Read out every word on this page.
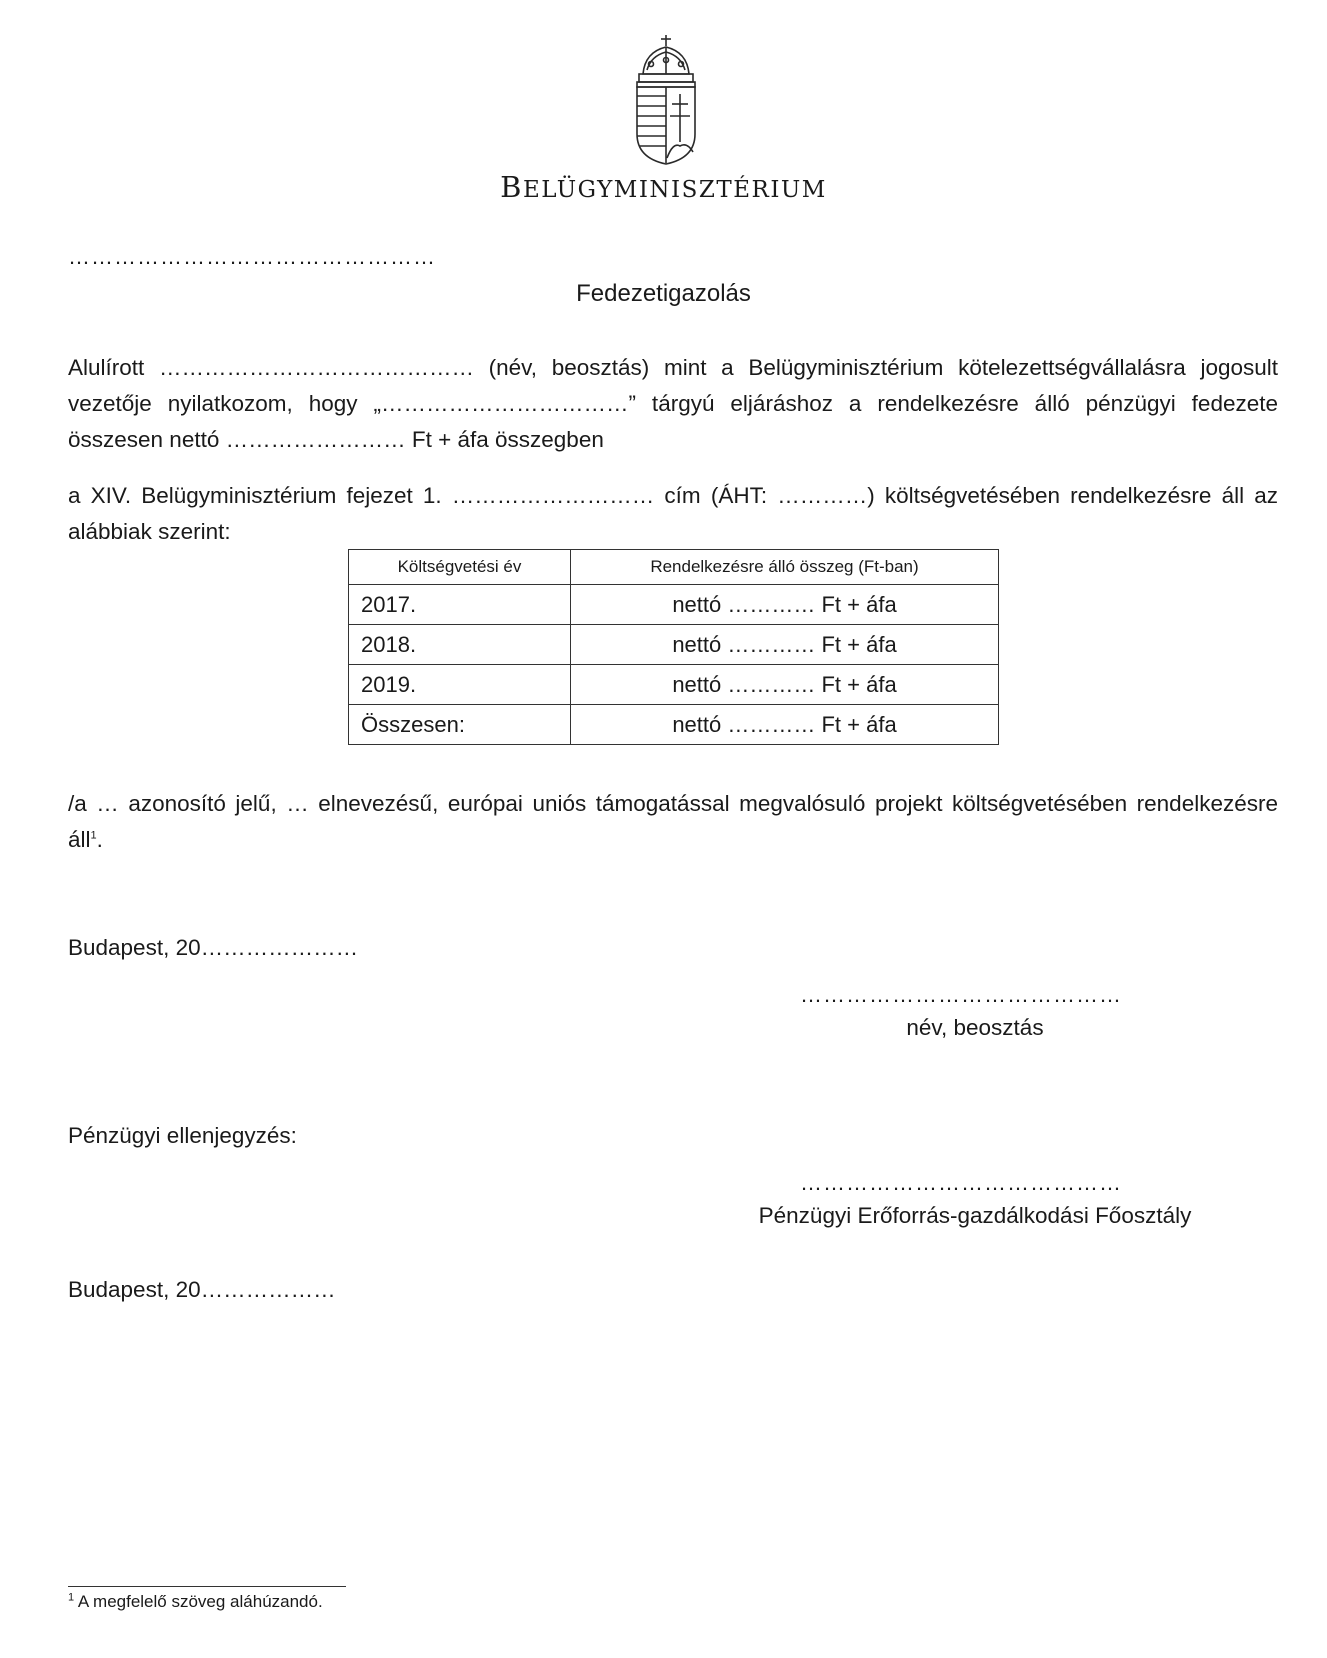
BELÜGYMINISZTÉRIUM
…………………………………………
Fedezetigazolás
Alulírott …………………………………… (név, beosztás) mint a Belügyminisztérium kötelezettségvállalásra jogosult vezetője nyilatkozom, hogy „……………………………” tárgyú eljáráshoz a rendelkezésre álló pénzügyi fedezete összesen nettó …………………… Ft + áfa összegben
a XIV. Belügyminisztérium fejezet 1. ……………………… cím (ÁHT: …………) költségvetésében rendelkezésre áll az alábbiak szerint:
Költségvetési év	Rendelkezésre álló összeg (Ft-ban)
2017.	nettó ………… Ft + áfa
2018.	nettó ………… Ft + áfa
2019.	nettó ………… Ft + áfa
Összesen:	nettó ………… Ft + áfa
/a … azonosító jelű, … elnevezésű, európai uniós támogatással megvalósuló projekt költségvetésében rendelkezésre áll$^1$.
Budapest, 20…………………
……………………………………
név, beosztás
Pénzügyi ellenjegyzés:
……………………………………
Pénzügyi Erőforrás-gazdálkodási Főosztály
Budapest, 20………………
$^1$ A megfelelő szöveg aláhúzandó.
